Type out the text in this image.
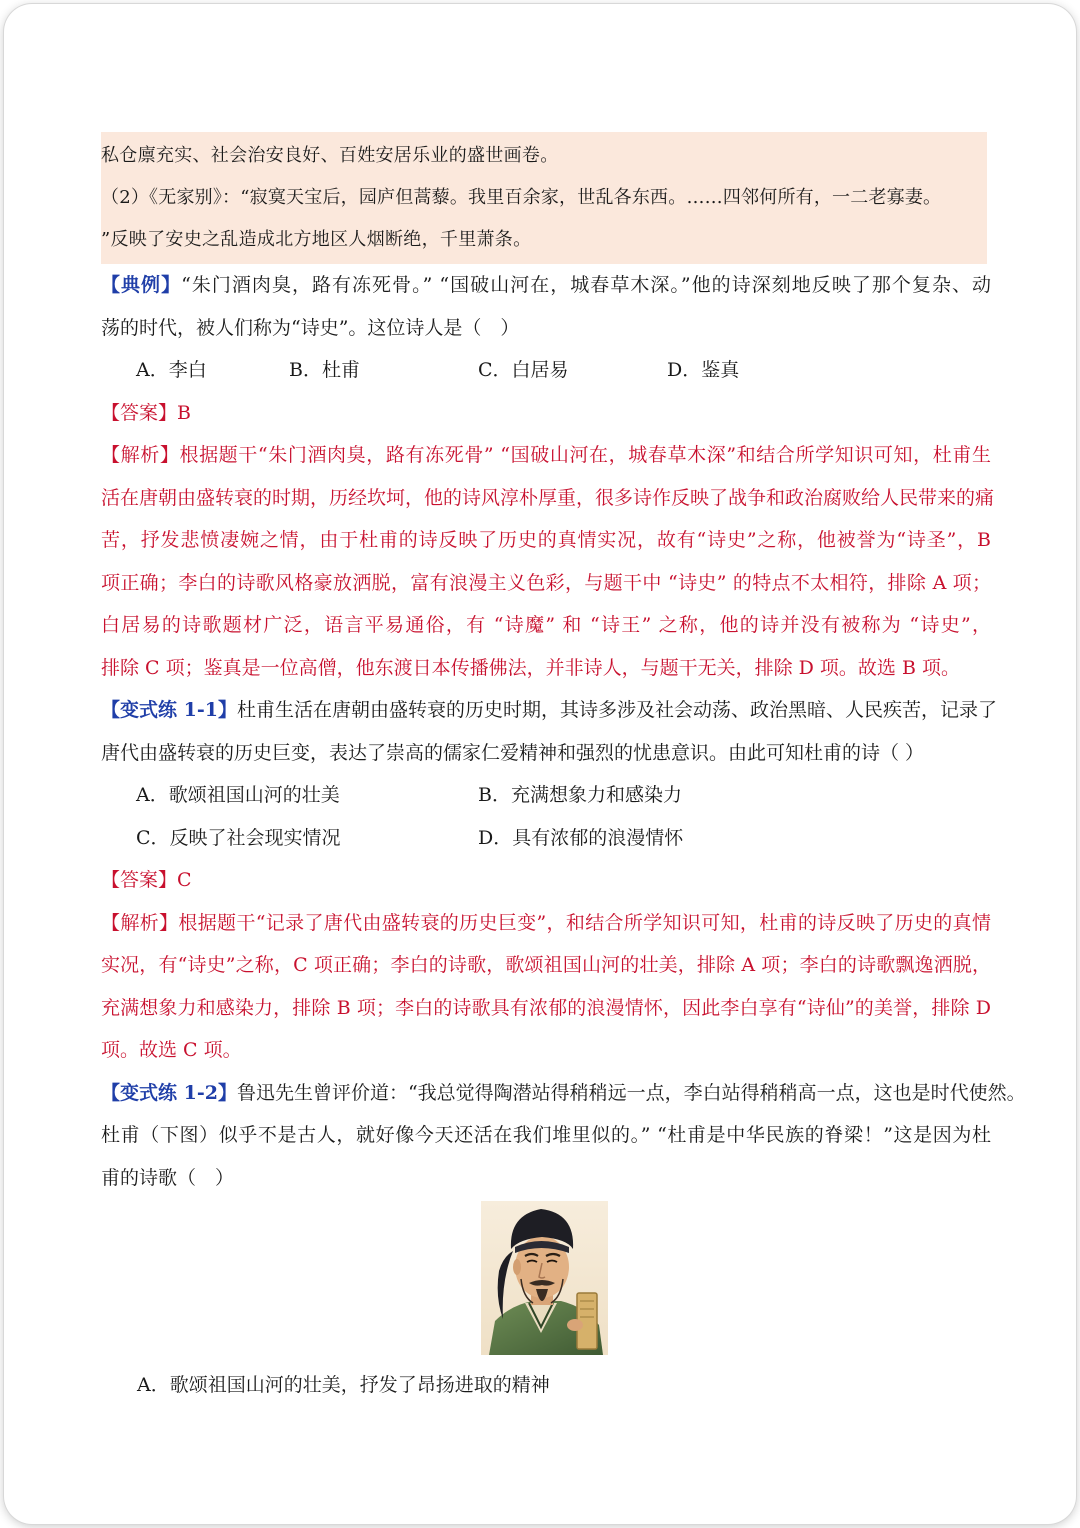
私仓廪充实、社会治安良好、百姓安居乐业的盛世画卷。
（2）《无家别》：“寂寞天宝后，园庐但蒿藜。我里百余家，世乱各东西。……四邻何所有，一二老寡妻。
”反映了安史之乱造成北方地区人烟断绝，千里萧条。
【典例】“朱门酒肉臭，路有冻死骨。” “国破山河在，城春草木深。”他的诗深刻地反映了那个复杂、动
荡的时代，被人们称为“诗史”。这位诗人是（　）
A．李白	B．杜甫	C．白居易	D．鉴真
【答案】B
【解析】根据题干“朱门酒肉臭，路有冻死骨” “国破山河在，城春草木深”和结合所学知识可知，杜甫生
活在唐朝由盛转衰的时期，历经坎坷，他的诗风淳朴厚重，很多诗作反映了战争和政治腐败给人民带来的痛
苦，抒发悲愤凄婉之情，由于杜甫的诗反映了历史的真情实况，故有“诗史”之称，他被誉为“诗圣”，B
项正确；李白的诗歌风格豪放洒脱，富有浪漫主义色彩，与题干中 “诗史” 的特点不太相符，排除 A 项；
白居易的诗歌题材广泛，语言平易通俗，有 “诗魔” 和 “诗王” 之称，他的诗并没有被称为 “诗史”，
排除 C 项；鉴真是一位高僧，他东渡日本传播佛法，并非诗人，与题干无关，排除 D 项。故选 B 项。
【变式练 1-1】杜甫生活在唐朝由盛转衰的历史时期，其诗多涉及社会动荡、政治黑暗、人民疾苦，记录了
唐代由盛转衰的历史巨变，表达了崇高的儒家仁爱精神和强烈的忧患意识。由此可知杜甫的诗（ ）
A．歌颂祖国山河的壮美	B．充满想象力和感染力
C．反映了社会现实情况	D．具有浓郁的浪漫情怀
【答案】C
【解析】根据题干“记录了唐代由盛转衰的历史巨变”，和结合所学知识可知，杜甫的诗反映了历史的真情
实况，有“诗史”之称，C 项正确；李白的诗歌，歌颂祖国山河的壮美，排除 A 项；李白的诗歌飘逸洒脱，
充满想象力和感染力，排除 B 项；李白的诗歌具有浓郁的浪漫情怀，因此李白享有“诗仙”的美誉，排除 D
项。故选 C 项。
【变式练 1-2】鲁迅先生曾评价道：“我总觉得陶潜站得稍稍远一点，李白站得稍稍高一点，这也是时代使然。
杜甫（下图）似乎不是古人，就好像今天还活在我们堆里似的。” “杜甫是中华民族的脊梁！”这是因为杜
甫的诗歌（　）
A．歌颂祖国山河的壮美，抒发了昂扬进取的精神
